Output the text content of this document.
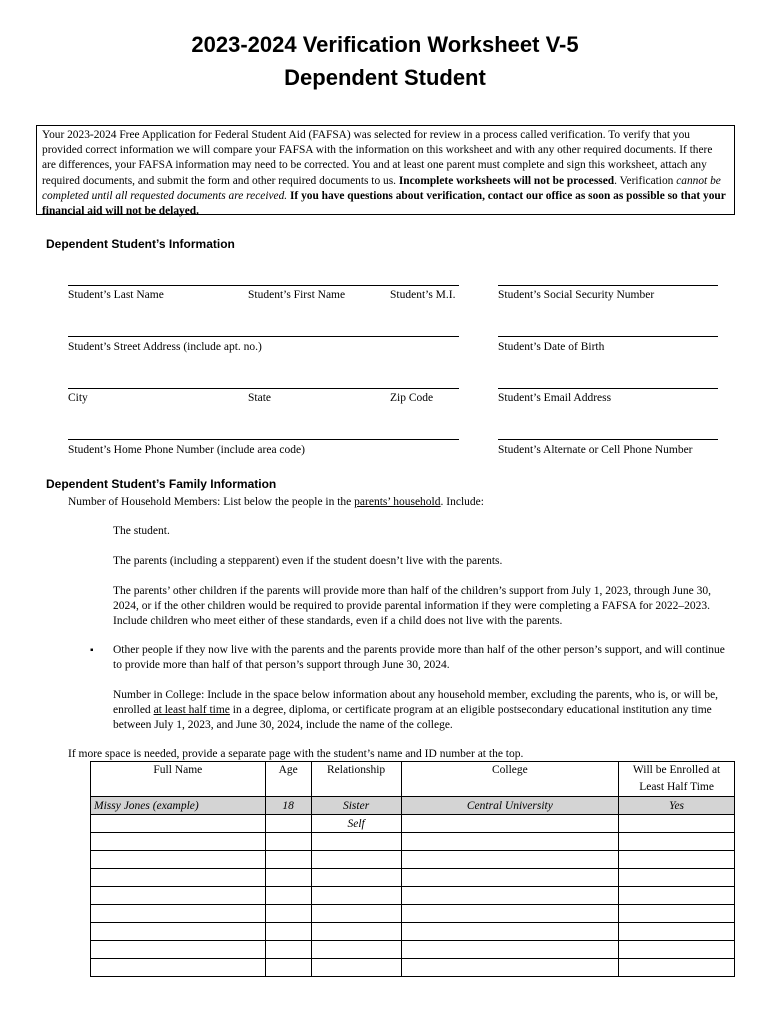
2023-2024 Verification Worksheet V-5
Dependent Student
Your 2023-2024 Free Application for Federal Student Aid (FAFSA) was selected for review in a process called verification. To verify that you provided correct information we will compare your FAFSA with the information on this worksheet and with any other required documents. If there are differences, your FAFSA information may need to be corrected. You and at least one parent must complete and sign this worksheet, attach any required documents, and submit the form and other required documents to us. Incomplete worksheets will not be processed. Verification cannot be completed until all requested documents are received. If you have questions about verification, contact our office as soon as possible so that your financial aid will not be delayed.
Dependent Student’s Information
Student’s Last Name	Student’s First Name	Student’s M.I.	Student’s Social Security Number
Student’s Street Address (include apt. no.)	Student’s Date of Birth
City	State	Zip Code	Student’s Email Address
Student’s Home Phone Number (include area code)	Student’s Alternate or Cell Phone Number
Dependent Student’s Family Information
Number of Household Members: List below the people in the parents’ household. Include:
The student.
The parents (including a stepparent) even if the student doesn’t live with the parents.
The parents’ other children if the parents will provide more than half of the children’s support from July 1, 2023, through June 30, 2024, or if the other children would be required to provide parental information if they were completing a FAFSA for 2022–2023. Include children who meet either of these standards, even if a child does not live with the parents.
▪ Other people if they now live with the parents and the parents provide more than half of the other person’s support, and will continue to provide more than half of that person’s support through June 30, 2024.
Number in College: Include in the space below information about any household member, excluding the parents, who is, or will be, enrolled at least half time in a degree, diploma, or certificate program at an eligible postsecondary educational institution any time between July 1, 2023, and June 30, 2024, include the name of the college.
If more space is needed, provide a separate page with the student’s name and ID number at the top.
Full Name	Age	Relationship	College	Will be Enrolled at Least Half Time
Missy Jones (example)	18	Sister	Central University	Yes
		Self		
